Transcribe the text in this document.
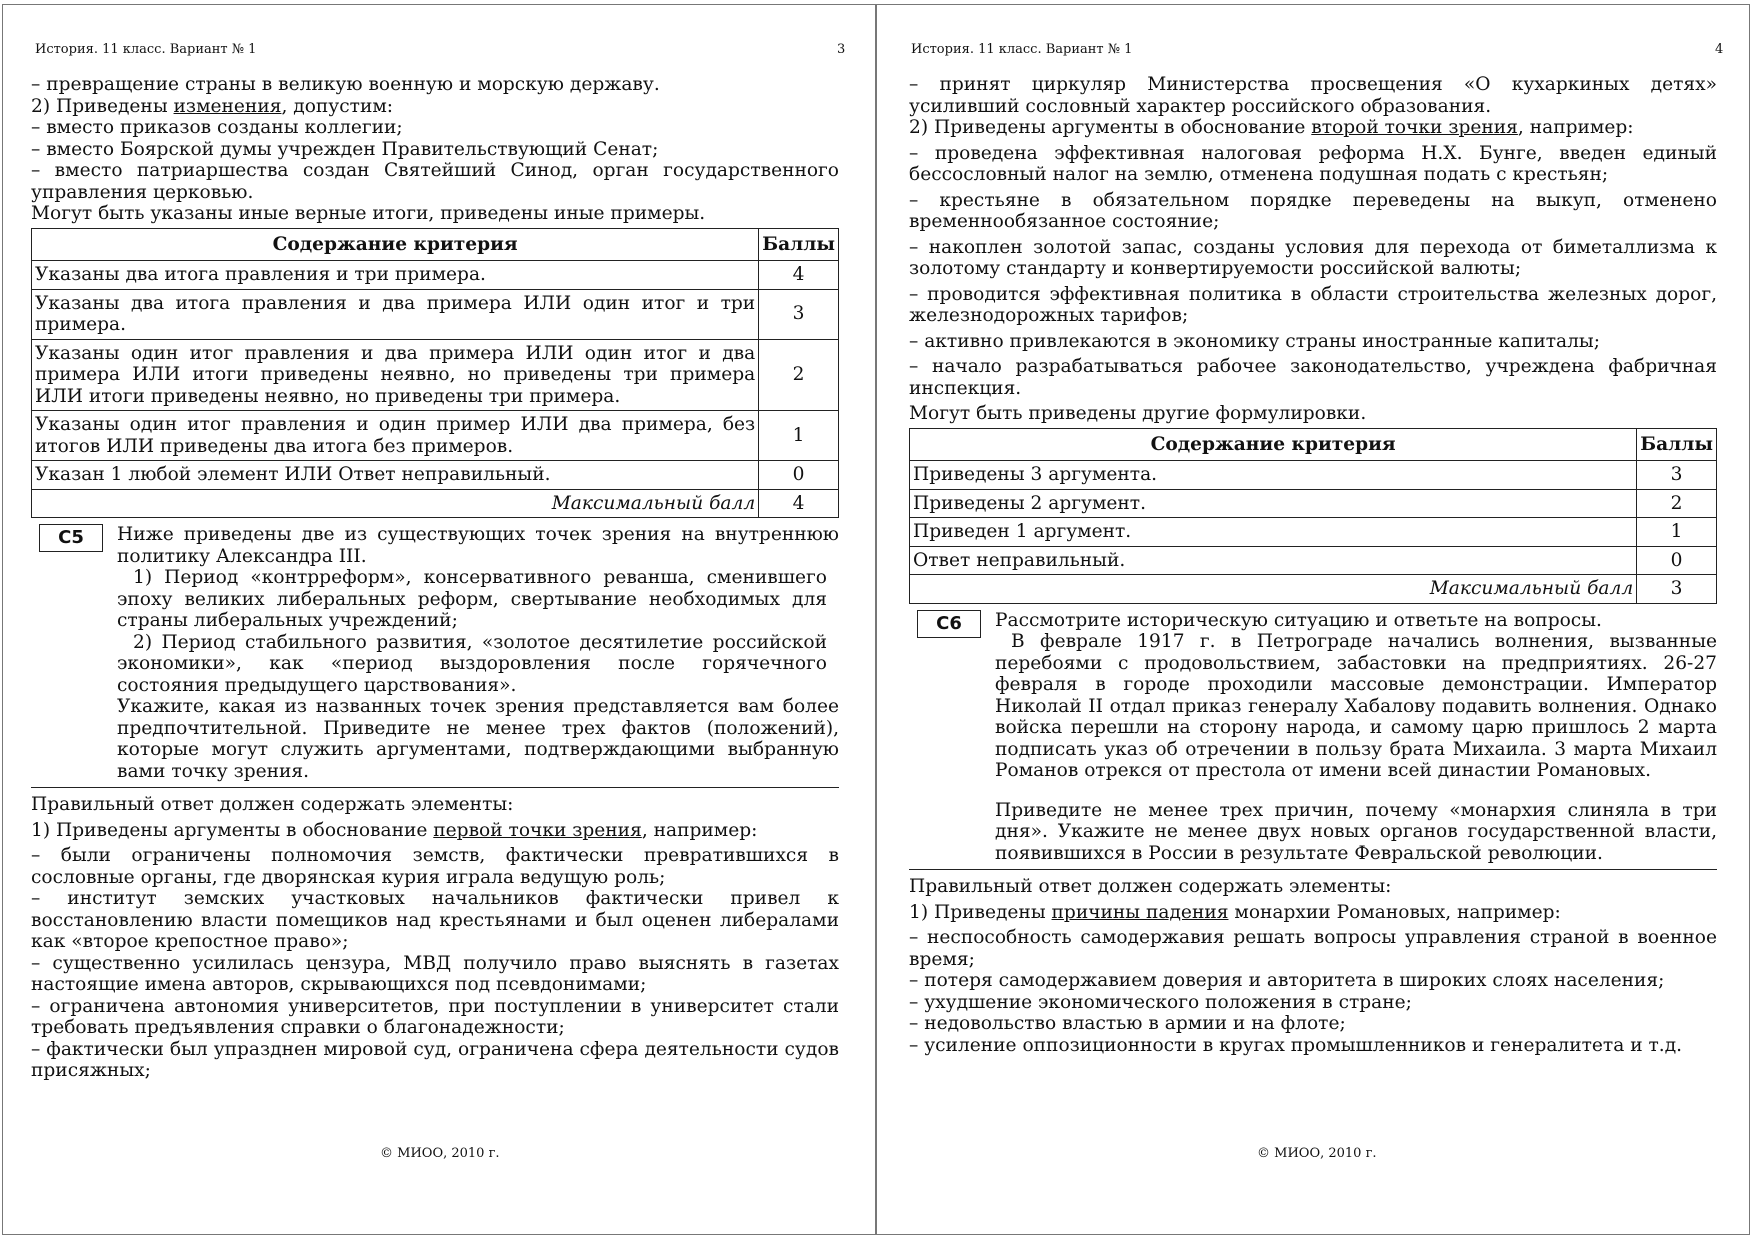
История. 11 класс. Вариант № 1	3

– превращение страны в великую военную и морскую державу.

2) Приведены изменения, допустим:

– вместо приказов созданы коллегии;

– вместо Боярской думы учрежден Правительствующий Сенат;

– вместо патриаршества создан Святейший Синод, орган государственного управления церковью.

Могут быть указаны иные верные итоги, приведены иные примеры.

Содержание критерия	Баллы
Указаны два итога правления и три примера.	4
Указаны два итога правления и два примера ИЛИ один итог и три примера.	3
Указаны один итог правления и два примера ИЛИ один итог и два примера ИЛИ итоги приведены неявно, но приведены три примера ИЛИ итоги приведены неявно, но приведены три примера.	2
Указаны один итог правления и один пример ИЛИ два примера, без итогов ИЛИ приведены два итога без примеров.	1
Указан 1 любой элемент ИЛИ Ответ неправильный.	0
Максимальный балл	4
С5	Ниже приведены две из существующих точек зрения на внутреннюю политику Александра III.

1) Период «контрреформ», консервативного реванша, сменившего эпоху великих либеральных реформ, свертывание необходимых для страны либеральных учреждений;

2) Период стабильного развития, «золотое десятилетие российской экономики», как «период выздоровления после горячечного состояния предыдущего царствования».

Укажите, какая из названных точек зрения представляется вам более предпочтительной. Приведите не менее трех фактов (положений), которые могут служить аргументами, подтверждающими выбранную вами точку зрения.

Правильный ответ должен содержать элементы:

1) Приведены аргументы в обоснование первой точки зрения, например:

– были ограничены полномочия земств, фактически превратившихся в сословные органы, где дворянская курия играла ведущую роль;

– институт земских участковых начальников фактически привел к восстановлению власти помещиков над крестьянами и был оценен либералами как «второе крепостное право»;

– существенно усилилась цензура, МВД получило право выяснять в газетах настоящие имена авторов, скрывающихся под псевдонимами;

– ограничена автономия университетов, при поступлении в университет стали требовать предъявления справки о благонадежности;

– фактически был упразднен мировой суд, ограничена сфера деятельности судов присяжных;

© МИОО, 2010 г.
История. 11 класс. Вариант № 1	4

– принят циркуляр Министерства просвещения «О кухаркиных детях» усиливший сословный характер российского образования.

2) Приведены аргументы в обоснование второй точки зрения, например:

– проведена эффективная налоговая реформа Н.Х. Бунге, введен единый бессословный налог на землю, отменена подушная подать с крестьян;

– крестьяне в обязательном порядке переведены на выкуп, отменено временнообязанное состояние;

– накоплен золотой запас, созданы условия для перехода от биметаллизма к золотому стандарту и конвертируемости российской валюты;

– проводится эффективная политика в области строительства железных дорог, железнодорожных тарифов;

– активно привлекаются в экономику страны иностранные капиталы;

– начало разрабатываться рабочее законодательство, учреждена фабричная инспекция.

Могут быть приведены другие формулировки.

Содержание критерия	Баллы
Приведены 3 аргумента.	3
Приведены 2 аргумент.	2
Приведен 1 аргумент.	1
Ответ неправильный.	0
Максимальный балл	3
С6	Рассмотрите историческую ситуацию и ответьте на вопросы.

В феврале 1917 г. в Петрограде начались волнения, вызванные перебоями с продовольствием, забастовки на предприятиях. 26-27 февраля в городе проходили массовые демонстрации. Император Николай II отдал приказ генералу Хабалову подавить волнения. Однако войска перешли на сторону народа, и самому царю пришлось 2 марта подписать указ об отречении в пользу брата Михаила. 3 марта Михаил Романов отрекся от престола от имени всей династии Романовых.

Приведите не менее трех причин, почему «монархия слиняла в три дня». Укажите не менее двух новых органов государственной власти, появившихся в России в результате Февральской революции.

Правильный ответ должен содержать элементы:

1) Приведены причины падения монархии Романовых, например:

– неспособность самодержавия решать вопросы управления страной в военное время;

– потеря самодержавием доверия и авторитета в широких слоях населения;

– ухудшение экономического положения в стране;

– недовольство властью в армии и на флоте;

– усиление оппозиционности в кругах промышленников и генералитета и т.д.

© МИОО, 2010 г.
